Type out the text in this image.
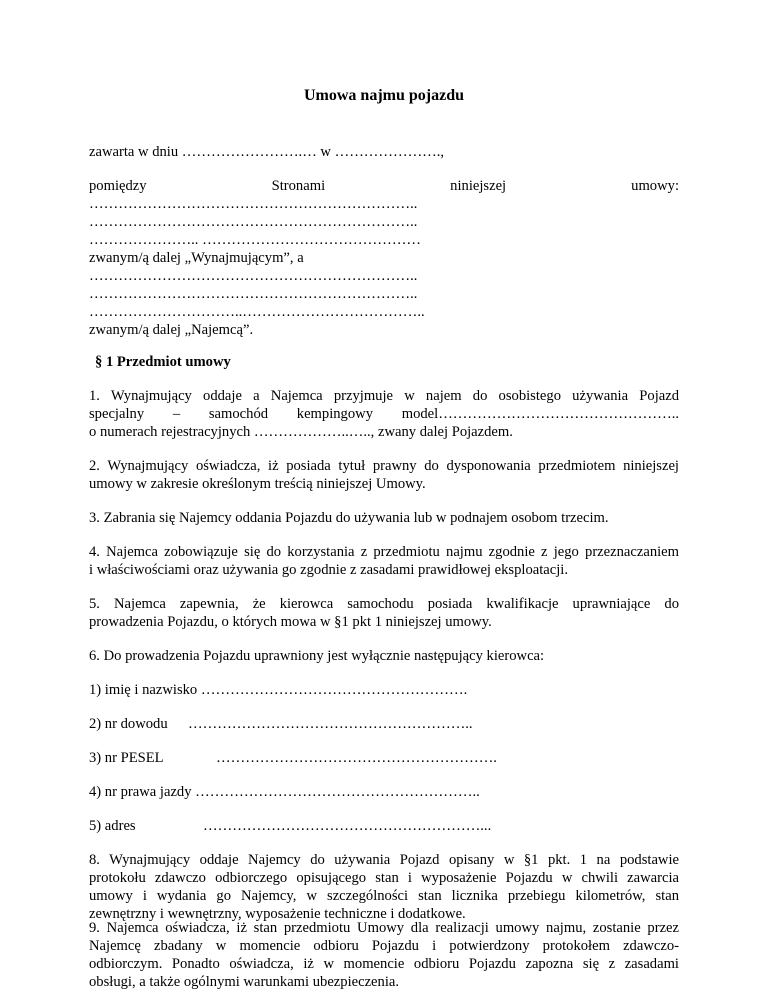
Umowa najmu pojazdu
zawarta w dniu …………………….… w ………………….,
pomiędzy	Stronami	niniejszej	umowy:
…………………………………………………………..
…………………………………………………………..
………………….. ………………………………………
zwanym/ą dalej „Wynajmującym”, a
…………………………………………………………..
…………………………………………………………..
…………………………..………………………………..
zwanym/ą dalej „Najemcą”.
§ 1 Przedmiot umowy
1. Wynajmujący oddaje a Najemca przyjmuje w najem do osobistego używania Pojazd
specjalny – samochód kempingowy model…………………………………………..
o numerach rejestracyjnych ………………..….., zwany dalej Pojazdem.
2. Wynajmujący oświadcza, iż posiada tytuł prawny do dysponowania przedmiotem niniejszej
umowy w zakresie określonym treścią niniejszej Umowy.
3. Zabrania się Najemcy oddania Pojazdu do używania lub w podnajem osobom trzecim.
4. Najemca zobowiązuje się do korzystania z przedmiotu najmu zgodnie z jego przeznaczaniem
i właściwościami oraz używania go zgodnie z zasadami prawidłowej eksploatacji.
5. Najemca zapewnia, że kierowca samochodu posiada kwalifikacje uprawniające do
prowadzenia Pojazdu, o których mowa w §1 pkt 1 niniejszej umowy.
6. Do prowadzenia Pojazdu uprawniony jest wyłącznie następujący kierowca:
1) imię i nazwisko ……………………………………………….
2) nr dowodu …………………………………………………..
3) nr PESEL	………………………………………………….
4) nr prawa jazdy …………………………………………………..
5) adres	…………………………………………………...
8. Wynajmujący oddaje Najemcy do używania Pojazd opisany w §1 pkt. 1 na podstawie
protokołu zdawczo odbiorczego opisującego stan i wyposażenie Pojazdu w chwili zawarcia
umowy i wydania go Najemcy, w szczególności stan licznika przebiegu kilometrów, stan
zewnętrzny i wewnętrzny, wyposażenie techniczne i dodatkowe.
9. Najemca oświadcza, iż stan przedmiotu Umowy dla realizacji umowy najmu, zostanie przez
Najemcę zbadany w momencie odbioru Pojazdu i potwierdzony protokołem zdawczo-
odbiorczym. Ponadto oświadcza, iż w momencie odbioru Pojazdu zapozna się z zasadami
obsługi, a także ogólnymi warunkami ubezpieczenia.
